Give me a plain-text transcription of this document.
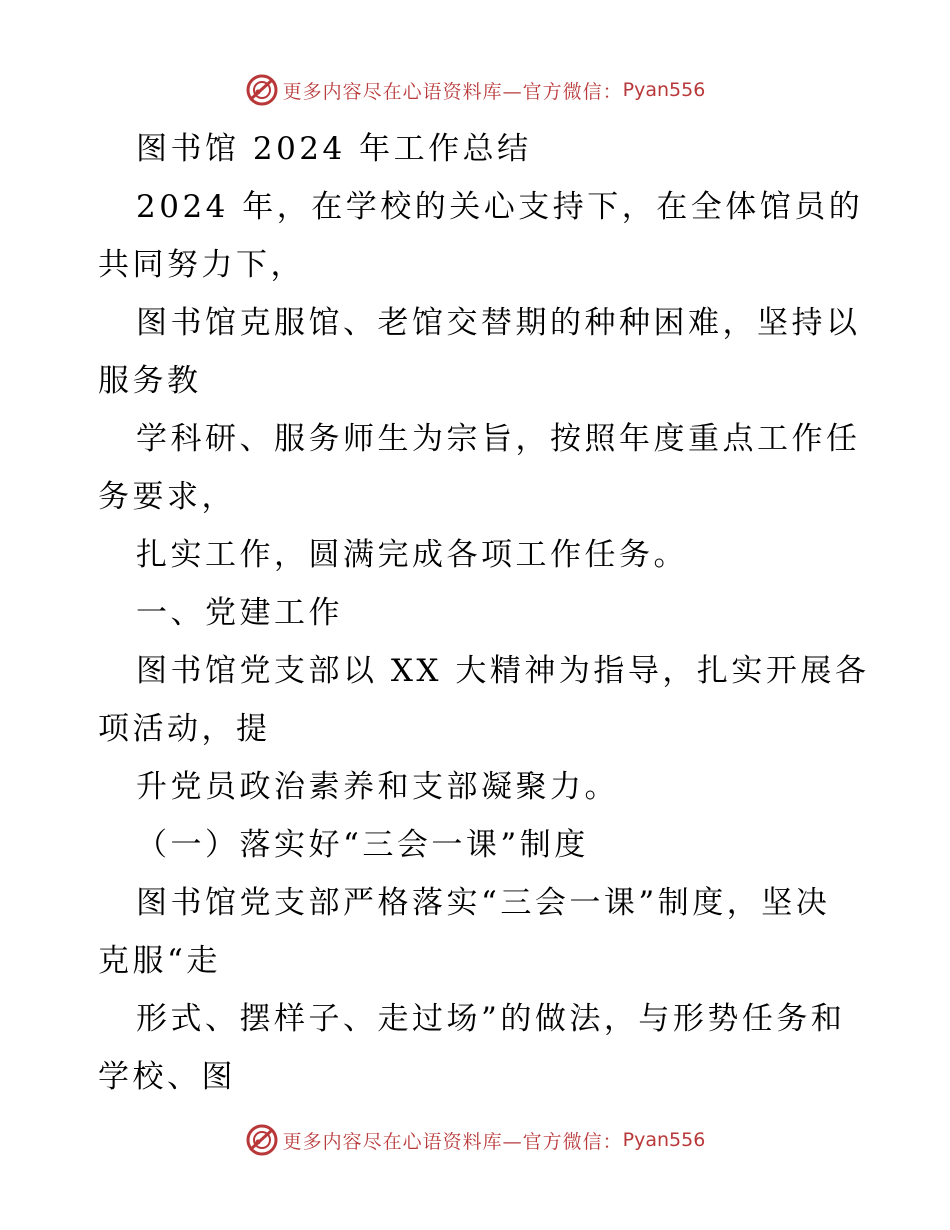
更多内容尽在心语资料库—官方微信： Pyan556
图书馆 2024 年工作总结
2024 年，在学校的关心支持下，在全体馆员的
共同努力下，
图书馆克服馆、老馆交替期的种种困难，坚持以
服务教
学科研、服务师生为宗旨，按照年度重点工作任
务要求，
扎实工作，圆满完成各项工作任务。
一、党建工作
图书馆党支部以 XX 大精神为指导，扎实开展各
项活动，提
升党员政治素养和支部凝聚力。
（一）落实好“三会一课”制度
图书馆党支部严格落实“三会一课”制度，坚决
克服“走
形式、摆样子、走过场”的做法，与形势任务和
学校、图
更多内容尽在心语资料库—官方微信： Pyan556
